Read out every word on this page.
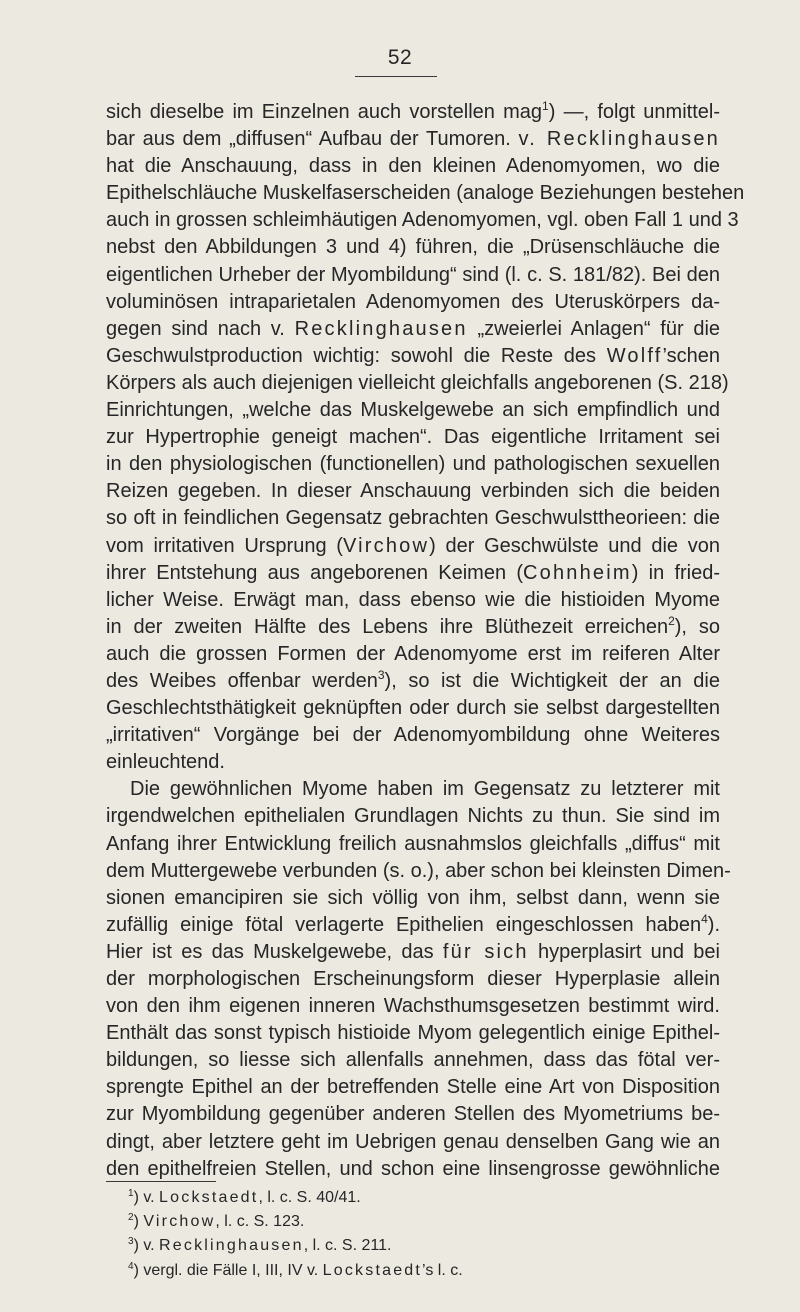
52
sich dieselbe im Einzelnen auch vorstellen mag$^1$) —, folgt unmittel-
bar aus dem „diffusen“ Aufbau der Tumoren. v. Recklinghausen
hat die Anschauung, dass in den kleinen Adenomyomen, wo die
Epithelschläuche Muskelfaserscheiden (analoge Beziehungen bestehen
auch in grossen schleimhäutigen Adenomyomen, vgl. oben Fall 1 und 3
nebst den Abbildungen 3 und 4) führen, die „Drüsenschläuche die
eigentlichen Urheber der Myombildung“ sind (l. c. S. 181/82). Bei den
voluminösen intraparietalen Adenomyomen des Uteruskörpers da-
gegen sind nach v. Recklinghausen „zweierlei Anlagen“ für die
Geschwulstproduction wichtig: sowohl die Reste des Wolff’schen
Körpers als auch diejenigen vielleicht gleichfalls angeborenen (S. 218)
Einrichtungen, „welche das Muskelgewebe an sich empfindlich und
zur Hypertrophie geneigt machen“. Das eigentliche Irritament sei
in den physiologischen (functionellen) und pathologischen sexuellen
Reizen gegeben. In dieser Anschauung verbinden sich die beiden
so oft in feindlichen Gegensatz gebrachten Geschwulsttheorieen: die
vom irritativen Ursprung (Virchow) der Geschwülste und die von
ihrer Entstehung aus angeborenen Keimen (Cohnheim) in fried-
licher Weise. Erwägt man, dass ebenso wie die histioiden Myome
in der zweiten Hälfte des Lebens ihre Blüthezeit erreichen$^2$), so
auch die grossen Formen der Adenomyome erst im reiferen Alter
des Weibes offenbar werden$^3$), so ist die Wichtigkeit der an die
Geschlechtsthätigkeit geknüpften oder durch sie selbst dargestellten
„irritativen“ Vorgänge bei der Adenomyombildung ohne Weiteres
einleuchtend.
Die gewöhnlichen Myome haben im Gegensatz zu letzterer mit
irgendwelchen epithelialen Grundlagen Nichts zu thun. Sie sind im
Anfang ihrer Entwicklung freilich ausnahmslos gleichfalls „diffus“ mit
dem Muttergewebe verbunden (s. o.), aber schon bei kleinsten Dimen-
sionen emancipiren sie sich völlig von ihm, selbst dann, wenn sie
zufällig einige fötal verlagerte Epithelien eingeschlossen haben$^4$).
Hier ist es das Muskelgewebe, das für sich hyperplasirt und bei
der morphologischen Erscheinungsform dieser Hyperplasie allein
von den ihm eigenen inneren Wachsthumsgesetzen bestimmt wird.
Enthält das sonst typisch histioide Myom gelegentlich einige Epithel-
bildungen, so liesse sich allenfalls annehmen, dass das fötal ver-
sprengte Epithel an der betreffenden Stelle eine Art von Disposition
zur Myombildung gegenüber anderen Stellen des Myometriums be-
dingt, aber letztere geht im Uebrigen genau denselben Gang wie an
den epithelfreien Stellen, und schon eine linsengrosse gewöhnliche
$^1$) v. Lockstaedt, l. c. S. 40/41.
$^2$) Virchow, l. c. S. 123.
$^3$) v. Recklinghausen, l. c. S. 211.
$^4$) vergl. die Fälle I, III, IV v. Lockstaedt’s l. c.
